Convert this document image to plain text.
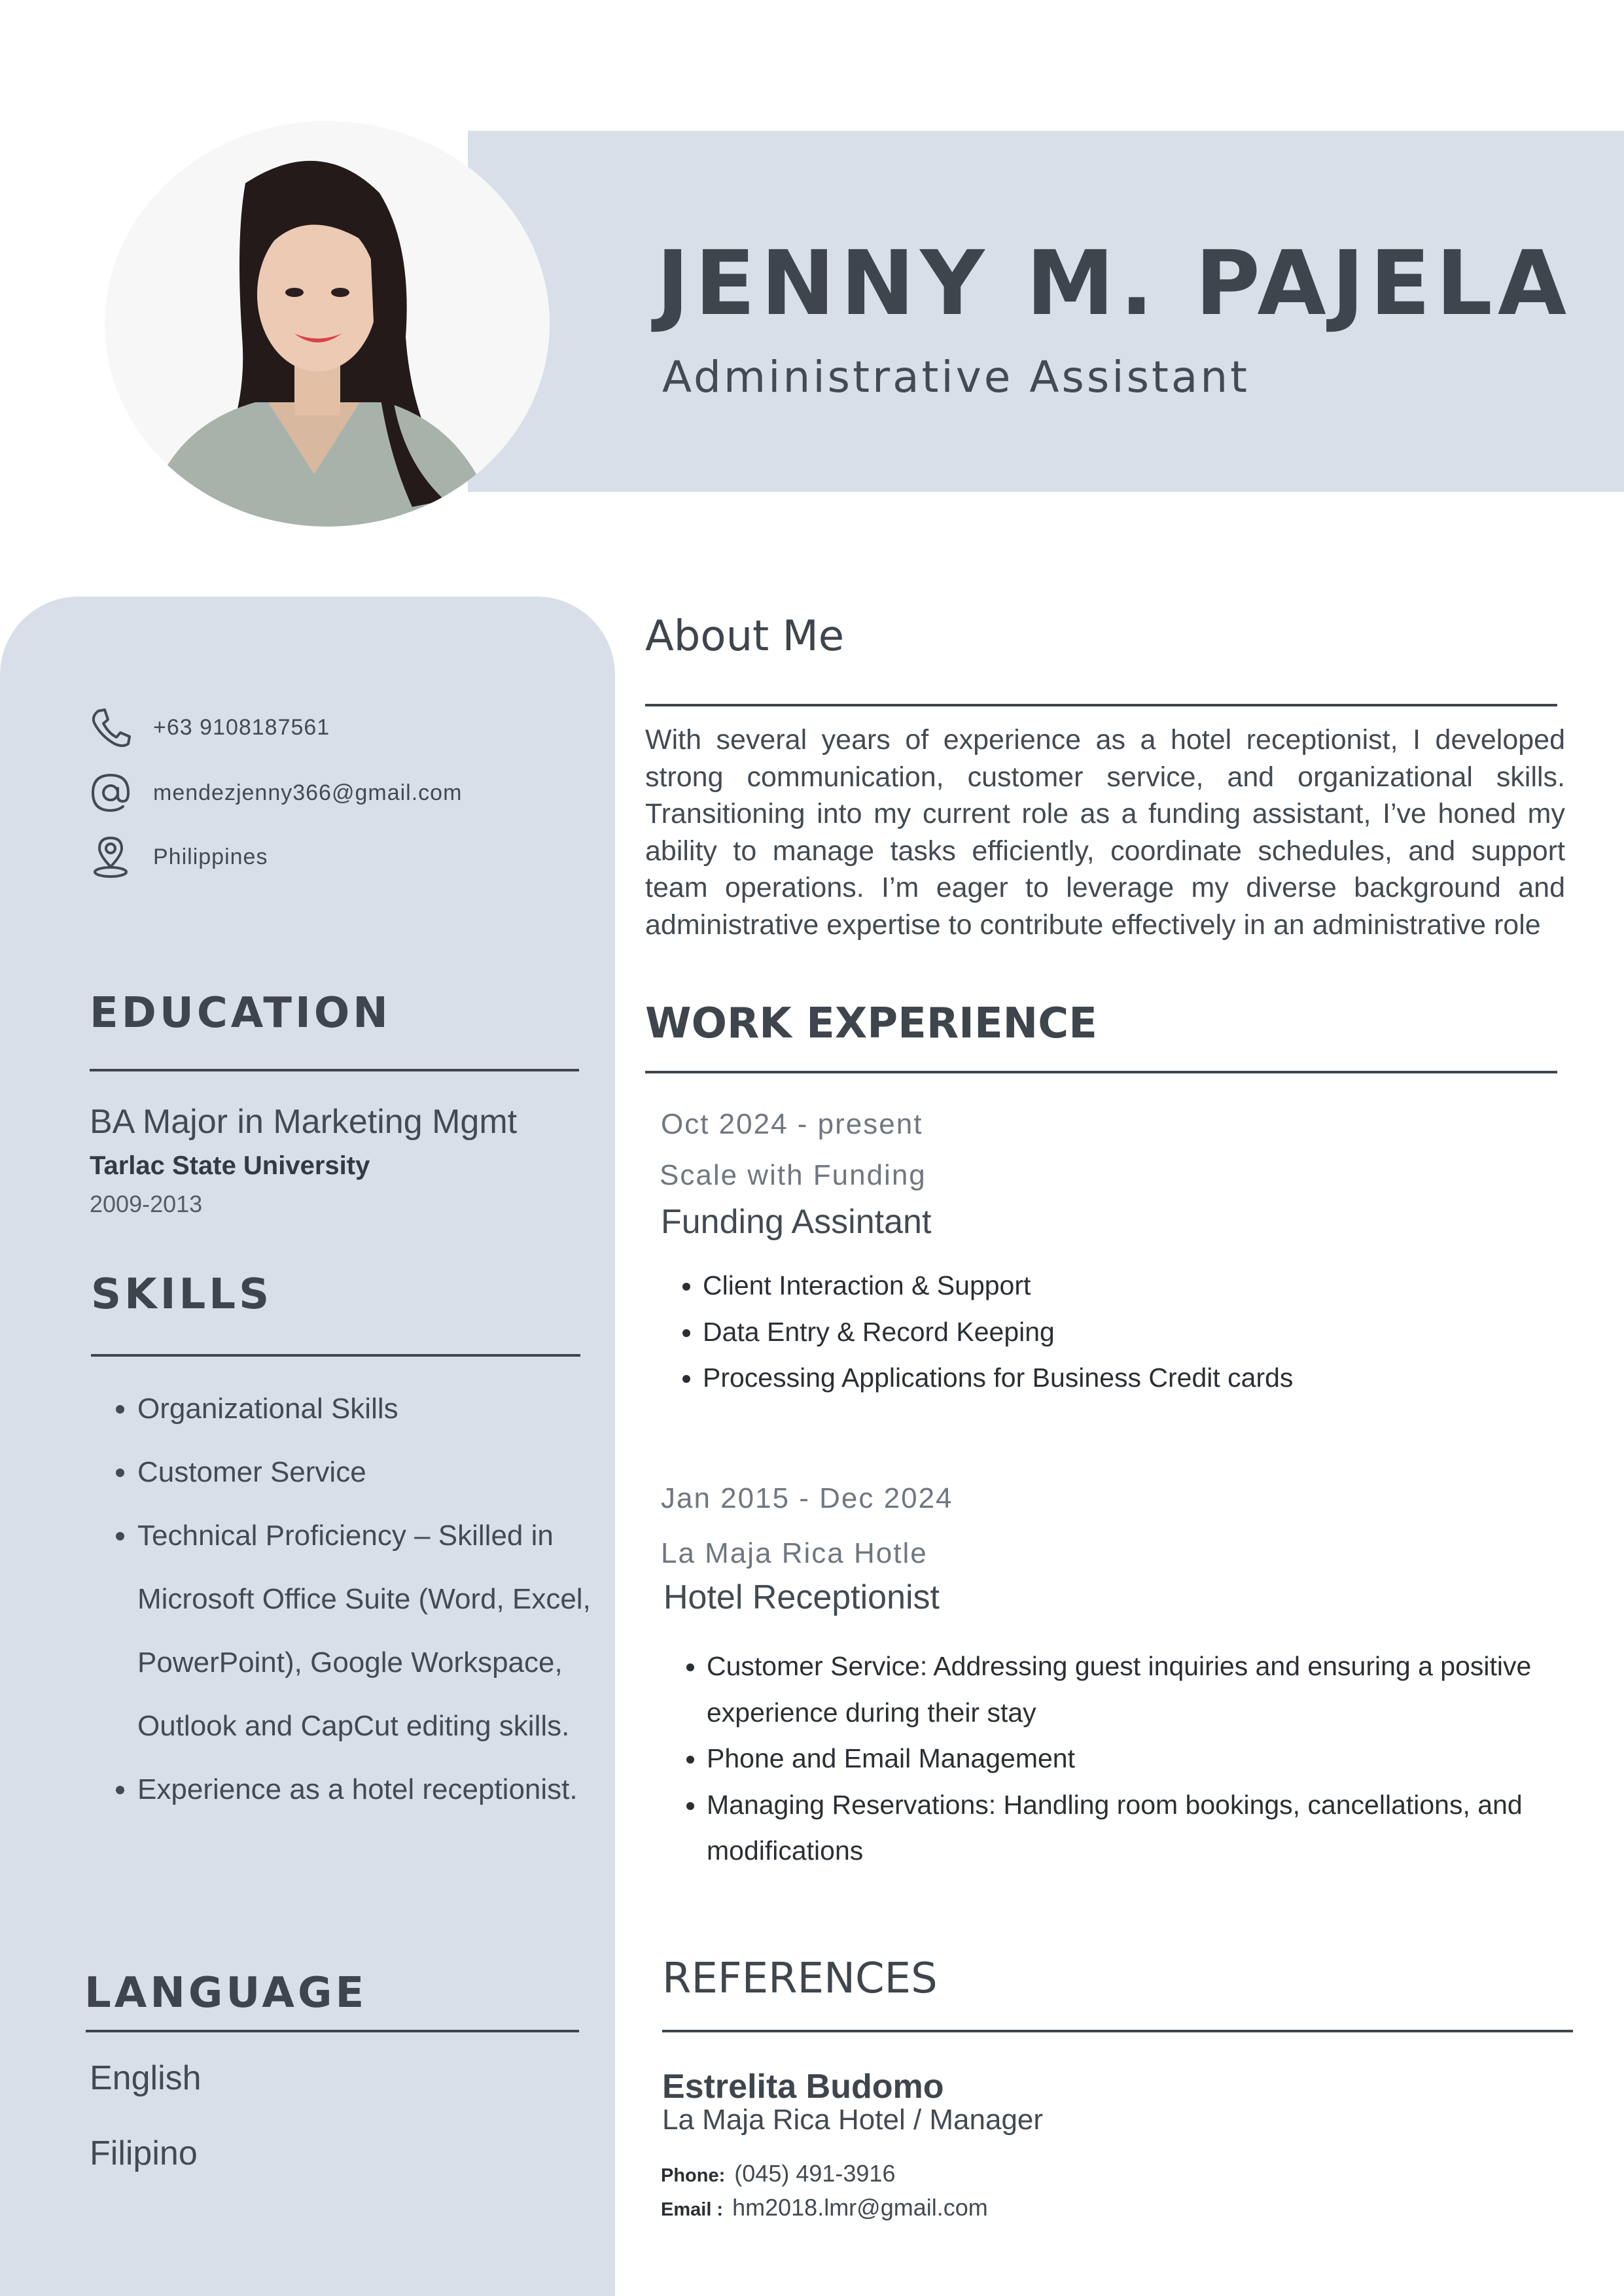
JENNY M. PAJELA
Administrative Assistant
+63 9108187561
mendezjenny366@gmail.com
Philippines
EDUCATION
BA Major in Marketing Mgmt
Tarlac State University
2009-2013
SKILLS
• Organizational Skills
• Customer Service
• Technical Proficiency – Skilled in Microsoft Office Suite (Word, Excel, PowerPoint), Google Workspace, Outlook and CapCut editing skills.
• Experience as a hotel receptionist.
LANGUAGE
English
Filipino
About Me
With several years of experience as a hotel receptionist, I developed strong communication, customer service, and organizational skills. Transitioning into my current role as a funding assistant, I’ve honed my ability to manage tasks efficiently, coordinate schedules, and support team operations. I’m eager to leverage my diverse background and administrative expertise to contribute effectively in an administrative role
WORK EXPERIENCE
Oct 2024 - present
Scale with Funding
Funding Assintant
• Client Interaction & Support
• Data Entry & Record Keeping
• Processing Applications for Business Credit cards
Jan 2015 - Dec 2024
La Maja Rica Hotle
Hotel Receptionist
• Customer Service: Addressing guest inquiries and ensuring a positive experience during their stay
• Phone and Email Management
• Managing Reservations: Handling room bookings, cancellations, and modifications
REFERENCES
Estrelita Budomo
La Maja Rica Hotel / Manager
Phone: (045) 491-3916
Email : hm2018.lmr@gmail.com
